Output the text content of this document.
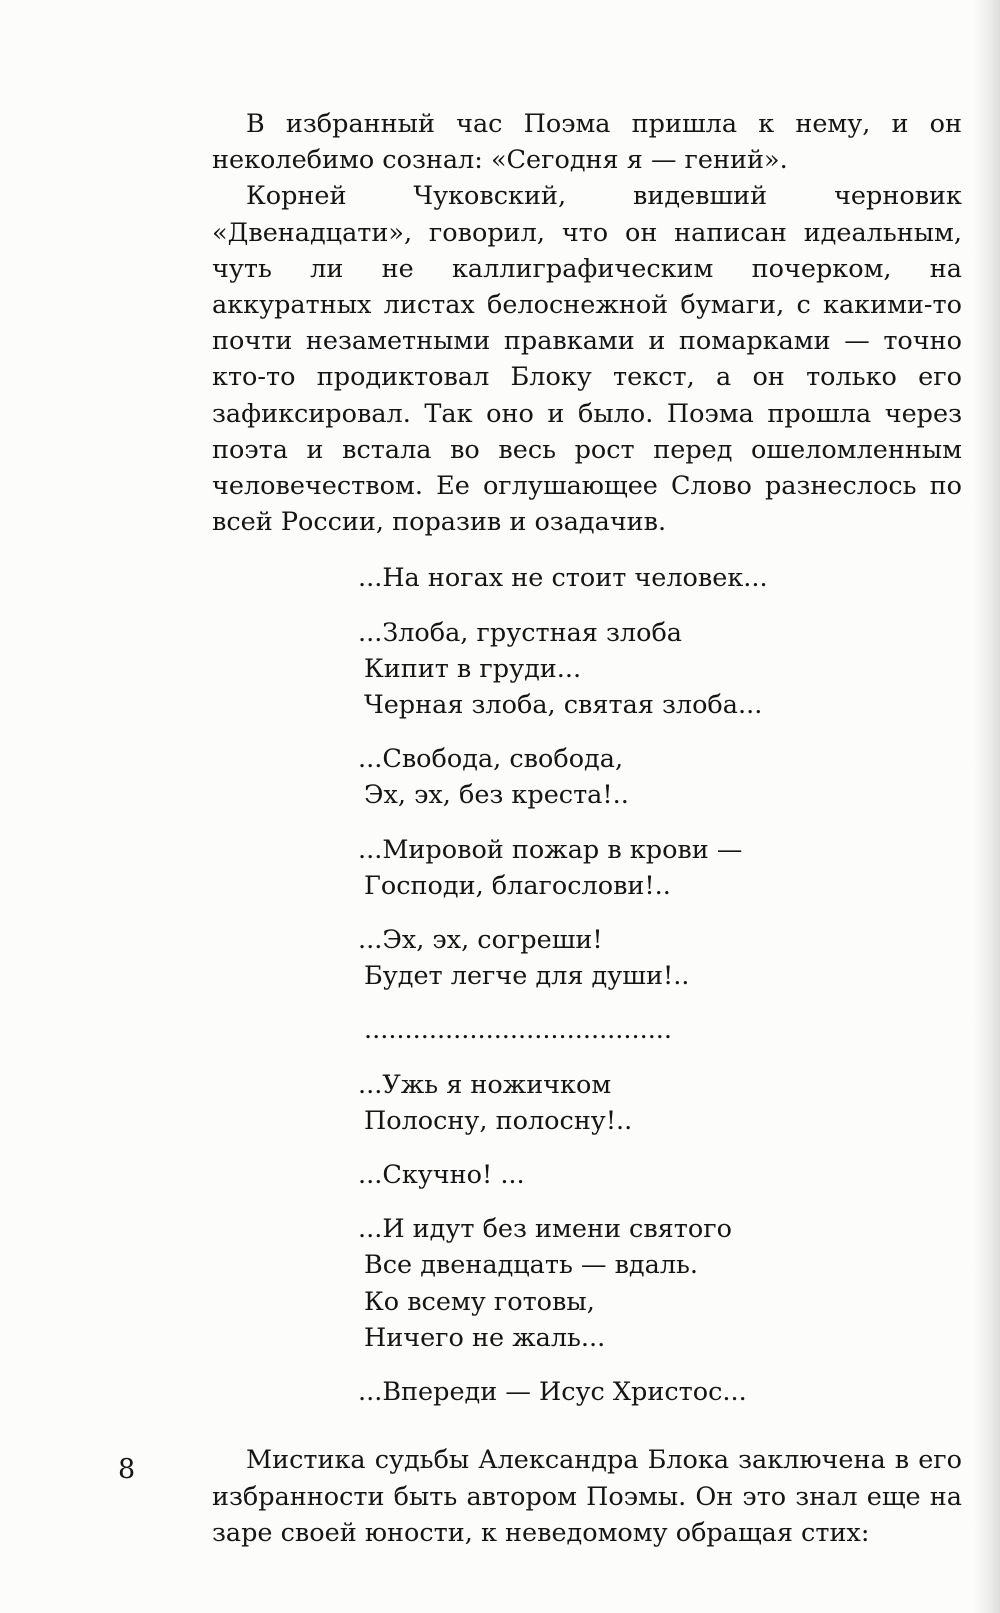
В избранный час Поэма пришла к нему, и он неколебимо сознал: «Сегодня я — гений».

Корней Чуковский, видевший черновик «Двенадцати», говорил, что он написан идеальным, чуть ли не каллиграфическим почерком, на аккуратных листах белоснежной бумаги, с какими-то почти незаметными правками и помарками — точно кто-то продиктовал Блоку текст, а он только его зафиксировал. Так оно и было. Поэма прошла через поэта и встала во весь рост перед ошеломленным человечеством. Ее оглушающее Слово разнеслось по всей России, поразив и озадачив.

...На ногах не стоит человек...
...Злоба, грустная злоба
Кипит в груди...
Черная злоба, святая злоба...
...Свобода, свобода,
Эх, эх, без креста!..
...Мировой пожар в крови —
Господи, благослови!..
...Эх, эх, согреши!
Будет легче для души!..
......................................
...Ужь я ножичком
Полосну, полосну!..
...Скучно! ...
...И идут без имени святого
Все двенадцать — вдаль.
Ко всему готовы,
Ничего не жаль...
...Впереди — Исус Христос...

Мистика судьбы Александра Блока заключена в его избранности быть автором Поэмы. Он это знал еще на заре своей юности, к неведомому обращая стих:

8
